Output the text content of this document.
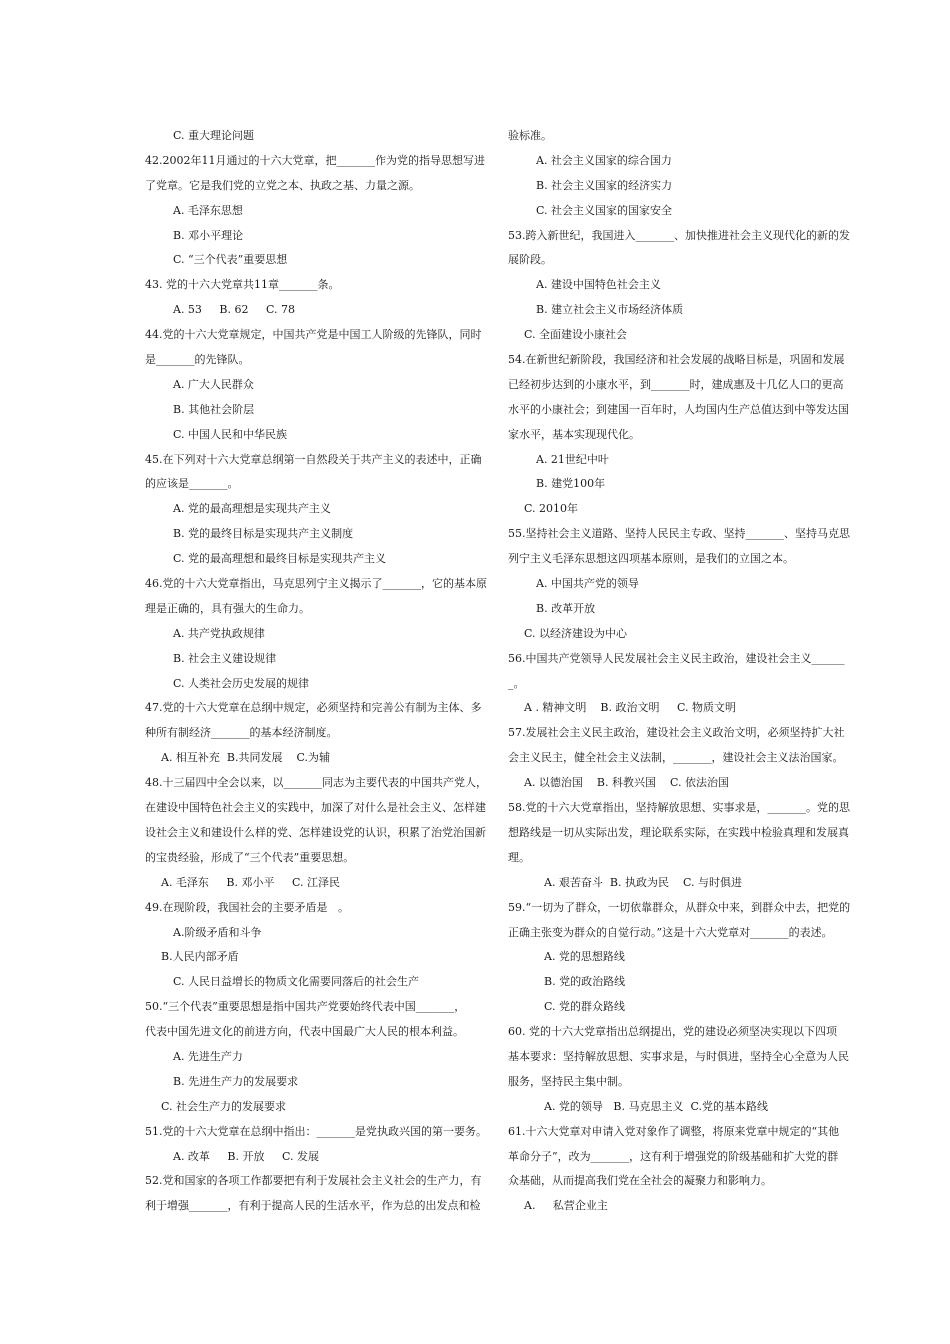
C. 重大理论问题
42.2002年11月通过的十六大党章，把_______作为党的指导思想写进
了党章。它是我们党的立党之本、执政之基、力量之源。
A. 毛泽东思想
B. 邓小平理论
C. “三个代表”重要思想
43. 党的十六大党章共11章_______条。
A. 53     B. 62     C. 78
44.党的十六大党章规定，中国共产党是中国工人阶级的先锋队，同时
是_______的先锋队。
A. 广大人民群众
B. 其他社会阶层
C. 中国人民和中华民族
45.在下列对十六大党章总纲第一自然段关于共产主义的表述中，正确
的应该是_______。
A. 党的最高理想是实现共产主义
B. 党的最终目标是实现共产主义制度
C. 党的最高理想和最终目标是实现共产主义
46.党的十六大党章指出，马克思列宁主义揭示了_______，它的基本原
理是正确的，具有强大的生命力。
A. 共产党执政规律
B. 社会主义建设规律
C. 人类社会历史发展的规律
47.党的十六大党章在总纲中规定，必须坚持和完善公有制为主体、多
种所有制经济_______的基本经济制度。
A. 相互补充  B.共同发展    C.为辅
48.十三届四中全会以来，以_______同志为主要代表的中国共产党人，
在建设中国特色社会主义的实践中，加深了对什么是社会主义、怎样建
设社会主义和建设什么样的党、怎样建设党的认识，积累了治党治国新
的宝贵经验，形成了“三个代表”重要思想。
A. 毛泽东     B. 邓小平     C. 江泽民
49.在现阶段，我国社会的主要矛盾是   。
A.阶级矛盾和斗争
B.人民内部矛盾
C. 人民日益增长的物质文化需要同落后的社会生产
50.“三个代表”重要思想是指中国共产党要始终代表中国_______，
代表中国先进文化的前进方向，代表中国最广大人民的根本利益。
A. 先进生产力
B. 先进生产力的发展要求
C. 社会生产力的发展要求
51.党的十六大党章在总纲中指出：_______是党执政兴国的第一要务。
A. 改革     B. 开放     C. 发展
52.党和国家的各项工作都要把有利于发展社会主义社会的生产力，有
利于增强_______，有利于提高人民的生活水平，作为总的出发点和检
验标准。
A. 社会主义国家的综合国力
B. 社会主义国家的经济实力
C. 社会主义国家的国家安全
53.跨入新世纪，我国进入_______、加快推进社会主义现代化的新的发
展阶段。
A. 建设中国特色社会主义
B. 建立社会主义市场经济体质
C. 全面建设小康社会
54.在新世纪新阶段，我国经济和社会发展的战略目标是，巩固和发展
已经初步达到的小康水平，到_______时，建成惠及十几亿人口的更高
水平的小康社会；到建国一百年时，人均国内生产总值达到中等发达国
家水平，基本实现现代化。
A. 21世纪中叶
B. 建党100年
C. 2010年
55.坚持社会主义道路、坚持人民民主专政、坚持_______、坚持马克思
列宁主义毛泽东思想这四项基本原则，是我们的立国之本。
A. 中国共产党的领导
B. 改革开放
C. 以经济建设为中心
56.中国共产党领导人民发展社会主义民主政治，建设社会主义______
_。
A . 精神文明    B. 政治文明     C. 物质文明
57.发展社会主义民主政治，建设社会主义政治文明，必须坚持扩大社
会主义民主，健全社会主义法制，_______，建设社会主义法治国家。
A. 以德治国    B. 科教兴国    C. 依法治国
58.党的十六大党章指出，坚持解放思想、实事求是，_______。党的思
想路线是一切从实际出发，理论联系实际，在实践中检验真理和发展真
理。
A. 艰苦奋斗  B. 执政为民    C. 与时俱进
59.“一切为了群众，一切依靠群众，从群众中来，到群众中去，把党的
正确主张变为群众的自觉行动。”这是十六大党章对_______的表述。
A. 党的思想路线
B. 党的政治路线
C. 党的群众路线
60. 党的十六大党章指出总纲提出，党的建设必须坚决实现以下四项
基本要求：坚持解放思想、实事求是，与时俱进，坚持全心全意为人民
服务，坚持民主集中制。
A. 党的领导   B. 马克思主义  C.党的基本路线
61.十六大党章对申请入党对象作了调整，将原来党章中规定的“其他
革命分子”，改为_______，这有利于增强党的阶级基础和扩大党的群
众基础，从而提高我们党在全社会的凝聚力和影响力。
A.     私营企业主
